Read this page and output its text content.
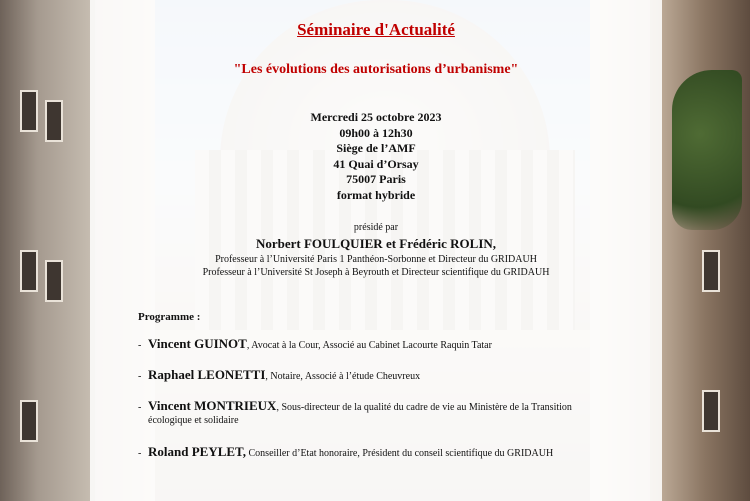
Séminaire d'Actualité
"Les évolutions des autorisations d’urbanisme"
Mercredi 25 octobre 2023
09h00 à 12h30
Siège de l’AMF
41 Quai d’Orsay
75007 Paris
format hybride
présidé par
Norbert FOULQUIER et Frédéric ROLIN,
Professeur à l’Université Paris 1 Panthéon-Sorbonne et Directeur du GRIDAUH
Professeur à l’Université St Joseph à Beyrouth et Directeur scientifique du GRIDAUH
Programme :
- Vincent GUINOT, Avocat à la Cour, Associé au Cabinet Lacourte Raquin Tatar
- Raphael LEONETTI, Notaire, Associé à l’étude Cheuvreux
- Vincent MONTRIEUX, Sous-directeur de la qualité du cadre de vie au Ministère de la Transition
écologique et solidaire
- Roland PEYLET, Conseiller d’Etat honoraire, Président du conseil scientifique du GRIDAUH
